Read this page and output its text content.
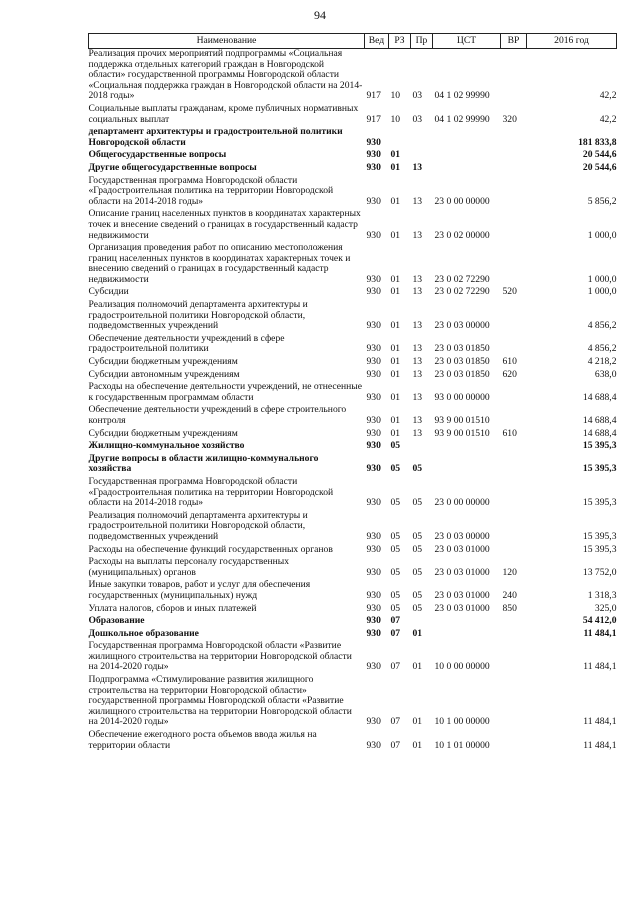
94
Наименование	Вед	РЗ	Пр	ЦСТ	ВР	2016 год
Реализация прочих мероприятий подпрограммы «Социальная поддержка отдельных категорий граждан в Новгородской области» государственной программы Новгородской области «Социальная поддержка граждан в Новгородской области на 2014-2018 годы»	917	10	03	04 1 02 99990		42,2
Социальные выплаты гражданам, кроме публичных нормативных социальных выплат	917	10	03	04 1 02 99990	320	42,2
департамент архитектуры и градостроительной политики Новгородской области	930					181 833,8
Общегосударственные вопросы	930	01				20 544,6
Другие общегосударственные вопросы	930	01	13			20 544,6
Государственная программа Новгородской области «Градостроительная политика на территории Новгородской области на 2014-2018 годы»	930	01	13	23 0 00 00000		5 856,2
Описание границ населенных пунктов в координатах характерных точек и внесение сведений о границах в государственный кадастр недвижимости	930	01	13	23 0 02 00000		1 000,0
Организация проведения работ по описанию местоположения границ населенных пунктов в координатах характерных точек и внесению сведений о границах в государственный кадастр недвижимости	930	01	13	23 0 02 72290		1 000,0
Субсидии	930	01	13	23 0 02 72290	520	1 000,0
Реализация полномочий департамента архитектуры и градостроительной политики Новгородской области, подведомственных учреждений	930	01	13	23 0 03 00000		4 856,2
Обеспечение деятельности учреждений в сфере градостроительной политики	930	01	13	23 0 03 01850		4 856,2
Субсидии бюджетным учреждениям	930	01	13	23 0 03 01850	610	4 218,2
Субсидии автономным учреждениям	930	01	13	23 0 03 01850	620	638,0
Расходы на обеспечение деятельности учреждений, не отнесенные к государственным программам области	930	01	13	93 0 00 00000		14 688,4
Обеспечение деятельности учреждений в сфере строительного контроля	930	01	13	93 9 00 01510		14 688,4
Субсидии бюджетным учреждениям	930	01	13	93 9 00 01510	610	14 688,4
Жилищно-коммунальное хозяйство	930	05				15 395,3
Другие вопросы в области жилищно-коммунального хозяйства	930	05	05			15 395,3
Государственная программа Новгородской области «Градостроительная политика на территории Новгородской области на 2014-2018 годы»	930	05	05	23 0 00 00000		15 395,3
Реализация полномочий департамента архитектуры и градостроительной политики Новгородской области, подведомственных учреждений	930	05	05	23 0 03 00000		15 395,3
Расходы на обеспечение функций государственных органов	930	05	05	23 0 03 01000		15 395,3
Расходы на выплаты персоналу государственных (муниципальных) органов	930	05	05	23 0 03 01000	120	13 752,0
Иные закупки товаров, работ и услуг для обеспечения государственных (муниципальных) нужд	930	05	05	23 0 03 01000	240	1 318,3
Уплата налогов, сборов и иных платежей	930	05	05	23 0 03 01000	850	325,0
Образование	930	07				54 412,0
Дошкольное образование	930	07	01			11 484,1
Государственная программа Новгородской области «Развитие жилищного строительства на территории Новгородской области на 2014-2020 годы»	930	07	01	10 0 00 00000		11 484,1
Подпрограмма «Стимулирование развития жилищного строительства на территории Новгородской области» государственной программы Новгородской области «Развитие жилищного строительства на территории Новгородской области на 2014-2020 годы»	930	07	01	10 1 00 00000		11 484,1
Обеспечение ежегодного роста объемов ввода жилья на территории области	930	07	01	10 1 01 00000		11 484,1
